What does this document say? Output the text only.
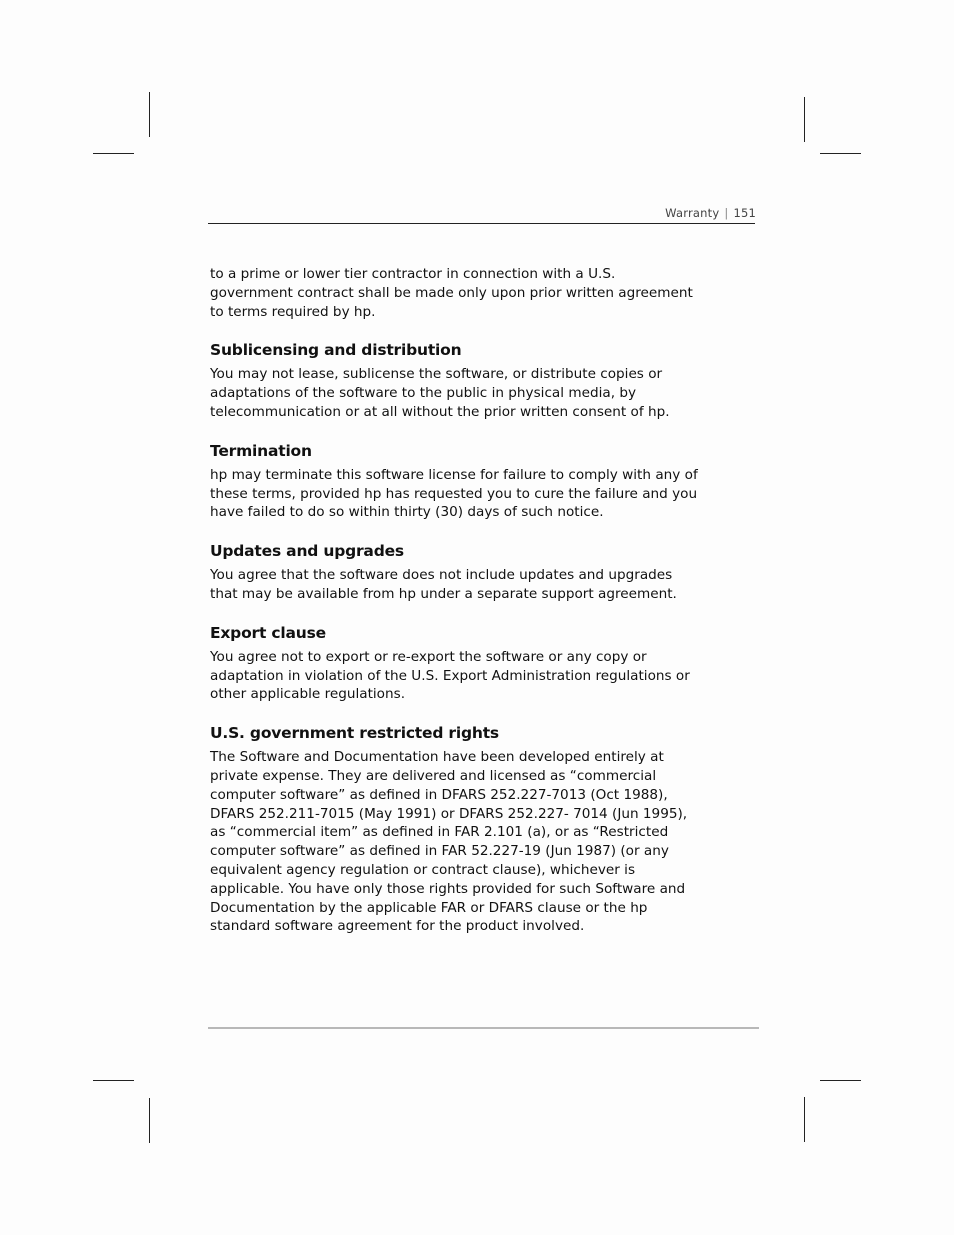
Warranty | 151

to a prime or lower tier contractor in connection with a U.S. government contract shall be made only upon prior written agreement to terms required by hp.

Sublicensing and distribution

You may not lease, sublicense the software, or distribute copies or adaptations of the software to the public in physical media, by telecommunication or at all without the prior written consent of hp.

Termination

hp may terminate this software license for failure to comply with any of these terms, provided hp has requested you to cure the failure and you have failed to do so within thirty (30) days of such notice.

Updates and upgrades

You agree that the software does not include updates and upgrades that may be available from hp under a separate support agreement.

Export clause

You agree not to export or re-export the software or any copy or adaptation in violation of the U.S. Export Administration regulations or other applicable regulations.

U.S. government restricted rights

The Software and Documentation have been developed entirely at private expense. They are delivered and licensed as “commercial computer software” as defined in DFARS 252.227-7013 (Oct 1988), DFARS 252.211-7015 (May 1991) or DFARS 252.227- 7014 (Jun 1995), as “commercial item” as defined in FAR 2.101 (a), or as “Restricted computer software” as defined in FAR 52.227-19 (Jun 1987) (or any equivalent agency regulation or contract clause), whichever is applicable. You have only those rights provided for such Software and Documentation by the applicable FAR or DFARS clause or the hp standard software agreement for the product involved.
